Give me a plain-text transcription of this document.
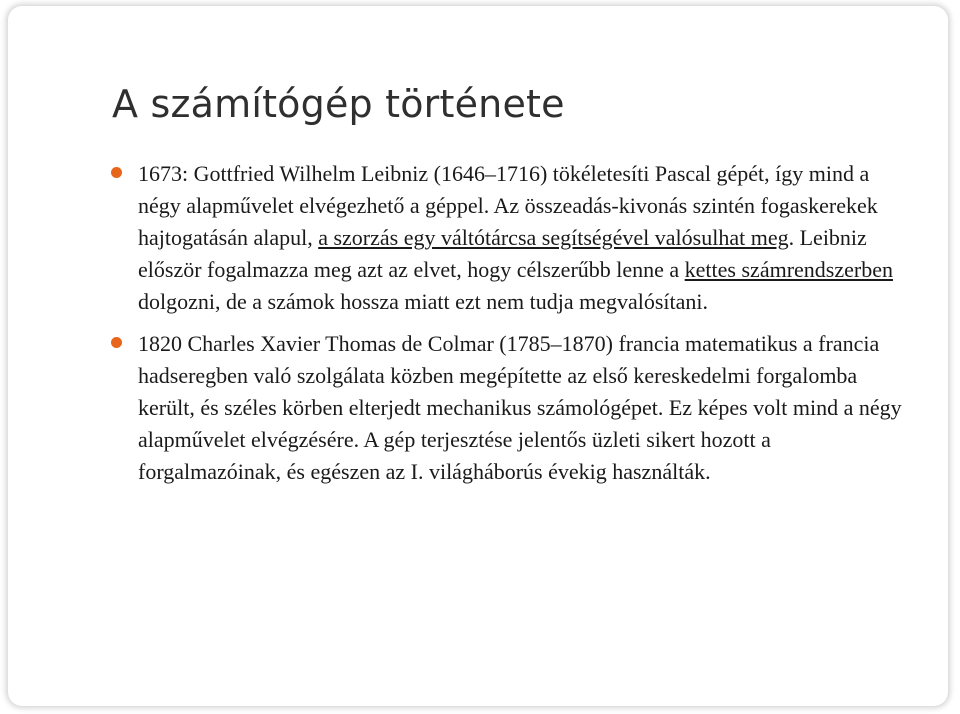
A számítógép története
1673: Gottfried Wilhelm Leibniz (1646–1716) tökéletesíti Pascal gépét, így mind a négy alapművelet elvégezhető a géppel. Az összeadás-kivonás szintén fogaskerekek hajtogatásán alapul, a szorzás egy váltótárcsa segítségével valósulhat meg. Leibniz először fogalmazza meg azt az elvet, hogy célszerűbb lenne a kettes számrendszerben dolgozni, de a számok hossza miatt ezt nem tudja megvalósítani.
1820 Charles Xavier Thomas de Colmar (1785–1870) francia matematikus a francia hadseregben való szolgálata közben megépítette az első kereskedelmi forgalomba került, és széles körben elterjedt mechanikus számológépet. Ez képes volt mind a négy alapművelet elvégzésére. A gép terjesztése jelentős üzleti sikert hozott a forgalmazóinak, és egészen az I. világháborús évekig használták.
